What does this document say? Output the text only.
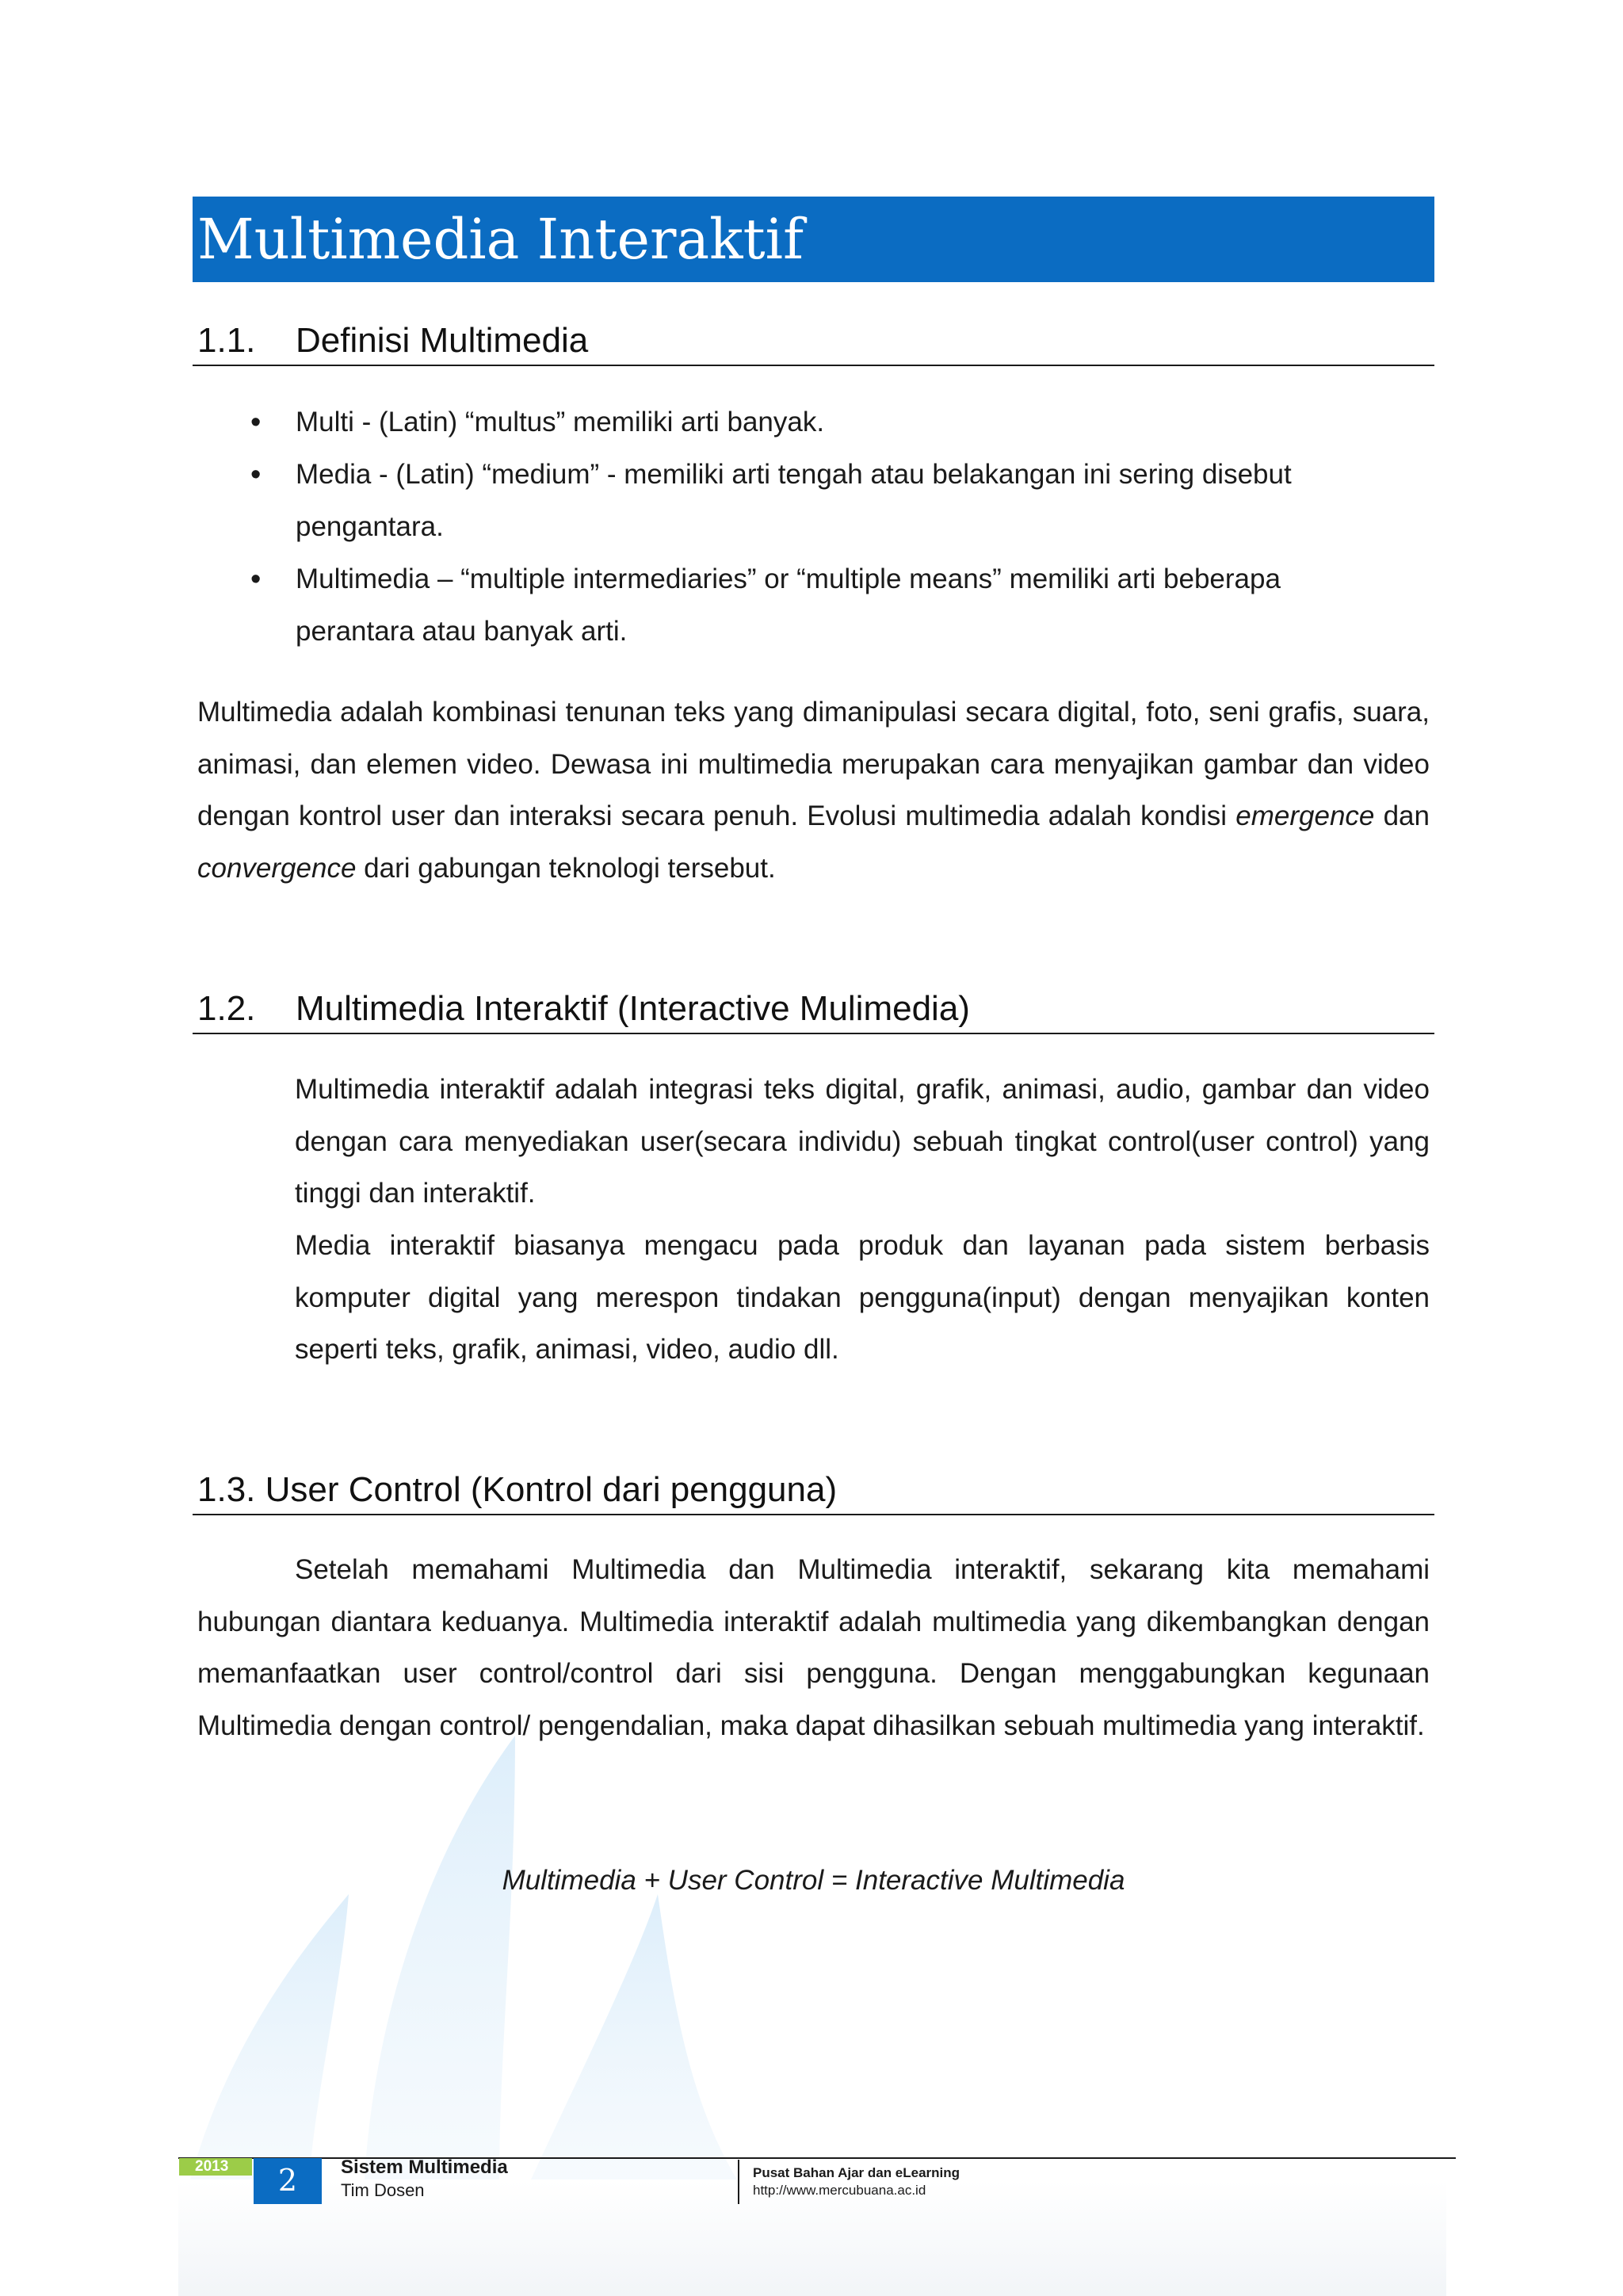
Multimedia Interaktif
1.1. Definisi Multimedia
• Multi - (Latin) “multus” memiliki arti banyak.
• Media - (Latin) “medium” - memiliki arti tengah atau belakangan ini sering disebut pengantara.
• Multimedia – “multiple intermediaries” or “multiple means” memiliki arti beberapa perantara atau banyak arti.

Multimedia adalah kombinasi tenunan teks yang dimanipulasi secara digital, foto, seni grafis, suara, animasi, dan elemen video. Dewasa ini multimedia merupakan cara menyajikan gambar dan video dengan kontrol user dan interaksi secara penuh. Evolusi multimedia adalah kondisi emergence dan convergence dari gabungan teknologi tersebut.

1.2. Multimedia Interaktif (Interactive Mulimedia)

Multimedia interaktif adalah integrasi teks digital, grafik, animasi, audio, gambar dan video dengan cara menyediakan user(secara individu) sebuah tingkat control(user control) yang tinggi dan interaktif.

Media interaktif biasanya mengacu pada produk dan layanan pada sistem berbasis komputer digital yang merespon tindakan pengguna(input) dengan menyajikan konten seperti teks, grafik, animasi, video, audio dll.

1.3. User Control (Kontrol dari pengguna)

Setelah memahami Multimedia dan Multimedia interaktif, sekarang kita memahami hubungan diantara keduanya. Multimedia interaktif adalah multimedia yang dikembangkan dengan memanfaatkan user control/control dari sisi pengguna. Dengan menggabungkan kegunaan Multimedia dengan control/ pengendalian, maka dapat dihasilkan sebuah multimedia yang interaktif.

Multimedia + User Control = Interactive Multimedia
2013	2	Sistem Multimedia
Tim Dosen
Pusat Bahan Ajar dan eLearning
http://www.mercubuana.ac.id
